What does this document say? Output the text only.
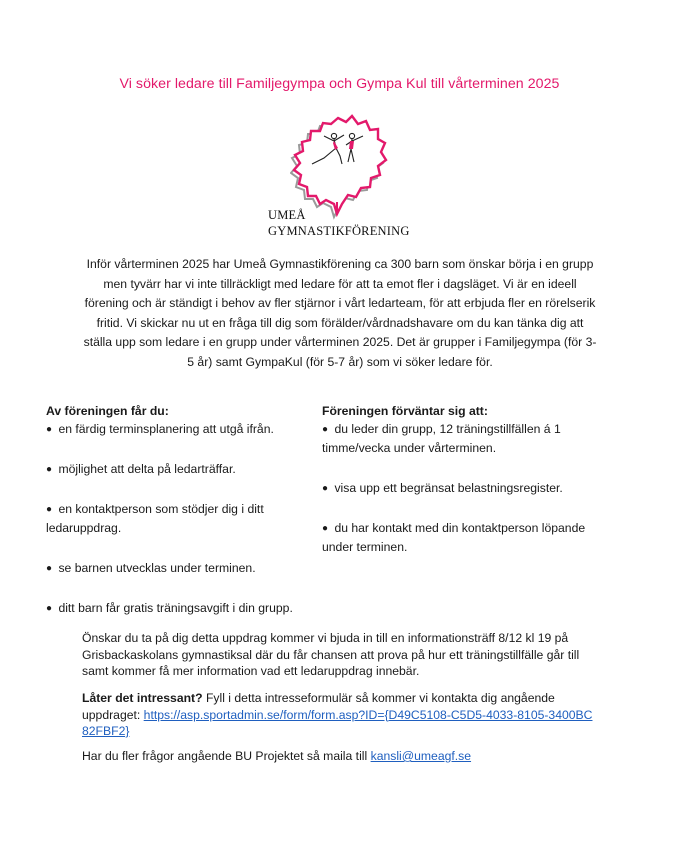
Vi söker ledare till Familjegympa och Gympa Kul till vårterminen 2025
UMEÅ
GYMNASTIKFÖRENING
Inför vårterminen 2025 har Umeå Gymnastikförening ca 300 barn som önskar börja i en grupp men tyvärr har vi inte tillräckligt med ledare för att ta emot fler i dagsläget. Vi är en ideell förening och är ständigt i behov av fler stjärnor i vårt ledarteam, för att erbjuda fler en rörelserik fritid. Vi skickar nu ut en fråga till dig som förälder/vårdnadshavare om du kan tänka dig att ställa upp som ledare i en grupp under vårterminen 2025. Det är grupper i Familjegympa (för 3-5 år) samt GympaKul (för 5-7 år) som vi söker ledare för.
Av föreningen får du:
● en färdig terminsplanering att utgå ifrån.
● möjlighet att delta på ledarträffar.
● en kontaktperson som stödjer dig i ditt ledaruppdrag.
● se barnen utvecklas under terminen.
● ditt barn får gratis träningsavgift i din grupp.
Föreningen förväntar sig att:
● du leder din grupp, 12 träningstillfällen á 1 timme/vecka under vårterminen.
● visa upp ett begränsat belastningsregister.
● du har kontakt med din kontaktperson löpande under terminen.
Önskar du ta på dig detta uppdrag kommer vi bjuda in till en informationsträff 8/12 kl 19 på Grisbackaskolans gymnastiksal där du får chansen att prova på hur ett träningstillfälle går till samt kommer få mer information vad ett ledaruppdrag innebär.
Låter det intressant? Fyll i detta intresseformulär så kommer vi kontakta dig angående uppdraget: https://asp.sportadmin.se/form/form.asp?ID={D49C5108-C5D5-4033-8105-3400BC82FBF2}
Har du fler frågor angående BU Projektet så maila till kansli@umeagf.se
